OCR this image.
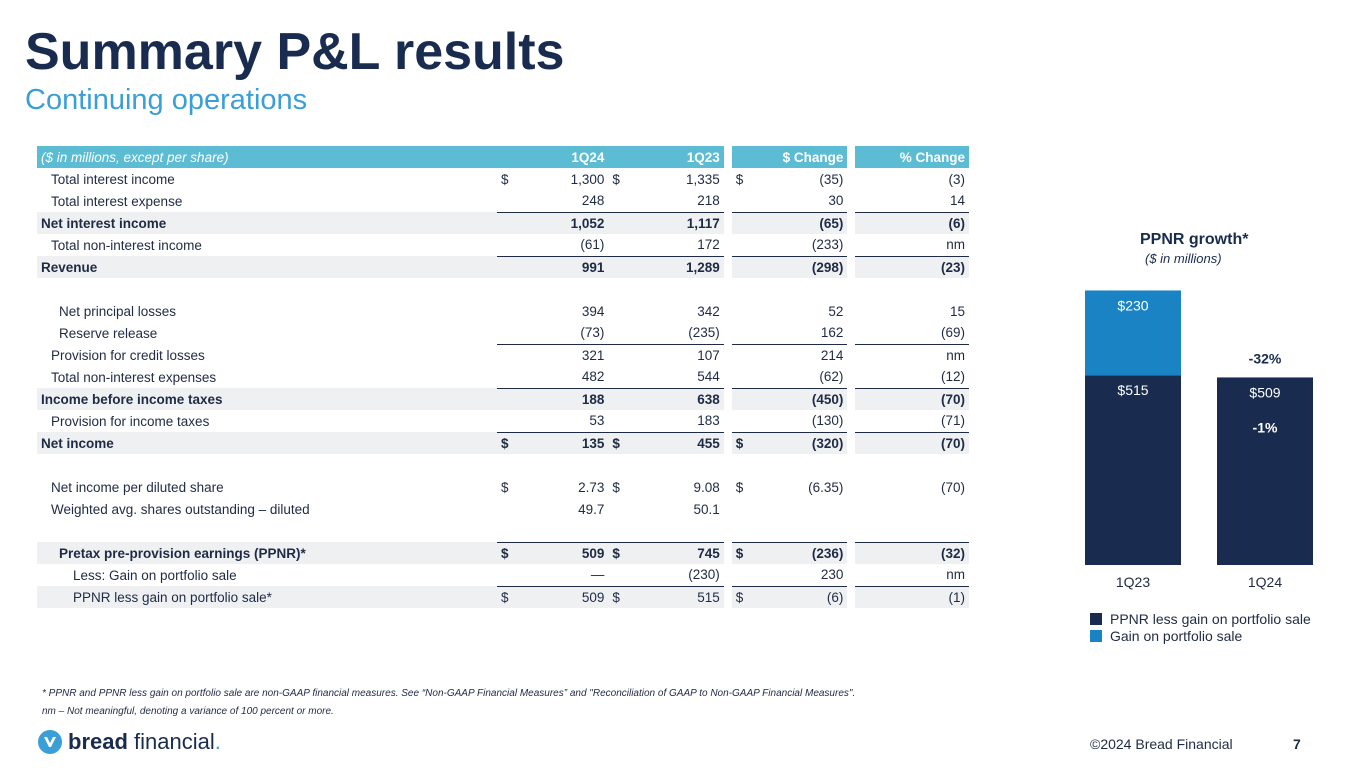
Summary P&L results
Continuing operations
($ in millions, except per share)		1Q24		1Q23			$ Change		% Change
Total interest income	$	1,300	$	1,335		$	(35)		(3)
Total interest expense		248		218			30		14
Net interest income		1,052		1,117			(65)		(6)
Total non-interest income		(61)		172			(233)		nm
Revenue		991		1,289			(298)		(23)

Net principal losses		394		342			52		15
Reserve release		(73)		(235)			162		(69)
Provision for credit losses		321		107			214		nm
Total non-interest expenses		482		544			(62)		(12)
Income before income taxes		188		638			(450)		(70)
Provision for income taxes		53		183			(130)		(71)
Net income	$	135	$	455		$	(320)		(70)

Net income per diluted share	$	2.73	$	9.08		$	(6.35)		(70)
Weighted avg. shares outstanding – diluted		49.7		50.1					

Pretax pre-provision earnings (PPNR)*	$	509	$	745		$	(236)		(32)
Less: Gain on portfolio sale		—		(230)			230		nm
PPNR less gain on portfolio sale*	$	509	$	515		$	(6)		(1)
* PPNR and PPNR less gain on portfolio sale are non-GAAP financial measures. See “Non-GAAP Financial Measures” and "Reconciliation of GAAP to Non-GAAP Financial Measures".
nm – Not meaningful, denoting a variance of 100 percent or more.
bread financial.	©2024 Bread Financial	7
PPNR growth*
($ in millions)
$515
$230
1Q23
$509
1Q24
-32%
-1%
PPNR less gain on portfolio sale
Gain on portfolio sale
